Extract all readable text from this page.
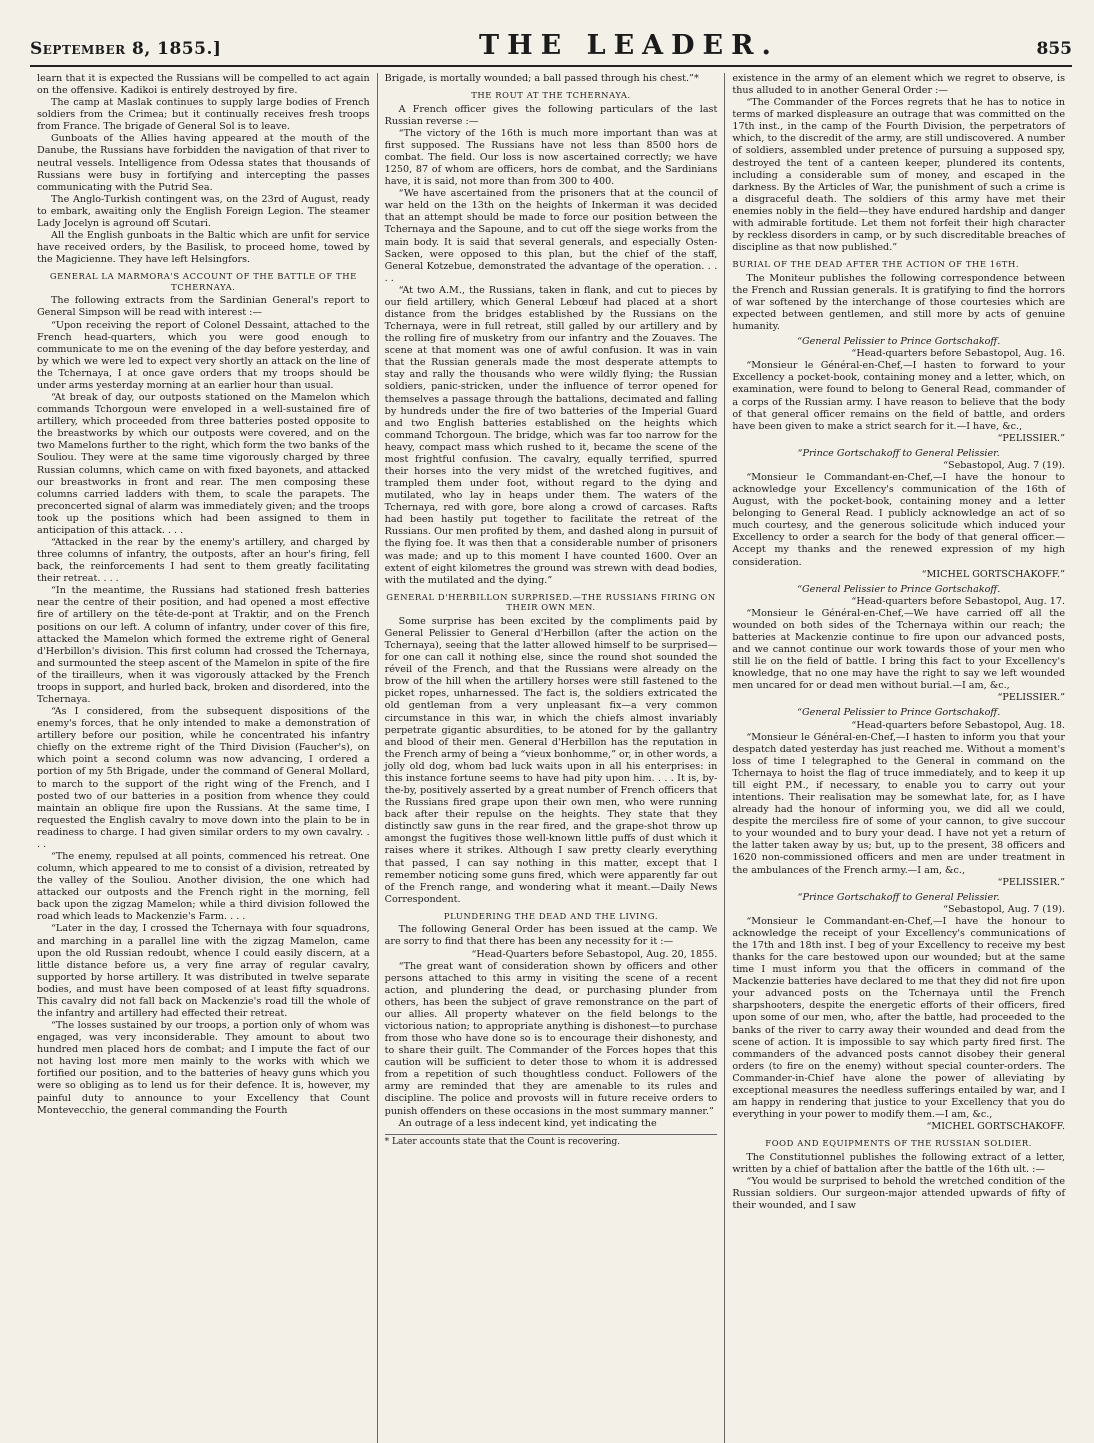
September 8, 1855.]	THE LEADER.	855

learn that it is expected the Russians will be compelled to act again on the offensive. Kadikoi is entirely destroyed by fire.

The camp at Maslak continues to supply large bodies of French soldiers from the Crimea; but it continually receives fresh troops from France. The brigade of General Sol is to leave.

Gunboats of the Allies having appeared at the mouth of the Danube, the Russians have forbidden the navigation of that river to neutral vessels. Intelligence from Odessa states that thousands of Russians were busy in fortifying and intercepting the passes communicating with the Putrid Sea.

The Anglo-Turkish contingent was, on the 23rd of August, ready to embark, awaiting only the English Foreign Legion. The steamer Lady Jocelyn is aground off Scutari.

All the English gunboats in the Baltic which are unfit for service have received orders, by the Basilisk, to proceed home, towed by the Magicienne. They have left Helsingfors.

GENERAL LA MARMORA'S ACCOUNT OF THE BATTLE OF THE TCHERNAYA.

The following extracts from the Sardinian General's report to General Simpson will be read with interest :—

“Upon receiving the report of Colonel Dessaint, attached to the French head-quarters, which you were good enough to communicate to me on the evening of the day before yesterday, and by which we were led to expect very shortly an attack on the line of the Tchernaya, I at once gave orders that my troops should be under arms yesterday morning at an earlier hour than usual.

“At break of day, our outposts stationed on the Mamelon which commands Tchorgoun were enveloped in a well-sustained fire of artillery, which proceeded from three batteries posted opposite to the breastworks by which our outposts were covered, and on the two Mamelons further to the right, which form the two banks of the Souliou. They were at the same time vigorously charged by three Russian columns, which came on with fixed bayonets, and attacked our breastworks in front and rear. The men composing these columns carried ladders with them, to scale the parapets. The preconcerted signal of alarm was immediately given; and the troops took up the positions which had been assigned to them in anticipation of this attack. . . .

“Attacked in the rear by the enemy's artillery, and charged by three columns of infantry, the outposts, after an hour's firing, fell back, the reinforcements I had sent to them greatly facilitating their retreat. . . .

“In the meantime, the Russians had stationed fresh batteries near the centre of their position, and had opened a most effective fire of artillery on the tête-de-pont at Traktir, and on the French positions on our left. A column of infantry, under cover of this fire, attacked the Mamelon which formed the extreme right of General d'Herbillon's division. This first column had crossed the Tchernaya, and surmounted the steep ascent of the Mamelon in spite of the fire of the tirailleurs, when it was vigorously attacked by the French troops in support, and hurled back, broken and disordered, into the Tchernaya.

“As I considered, from the subsequent dispositions of the enemy's forces, that he only intended to make a demonstration of artillery before our position, while he concentrated his infantry chiefly on the extreme right of the Third Division (Faucher's), on which point a second column was now advancing, I ordered a portion of my 5th Brigade, under the command of General Mollard, to march to the support of the right wing of the French, and I posted two of our batteries in a position from whence they could maintain an oblique fire upon the Russians. At the same time, I requested the English cavalry to move down into the plain to be in readiness to charge. I had given similar orders to my own cavalry. . . .

“The enemy, repulsed at all points, commenced his retreat. One column, which appeared to me to consist of a division, retreated by the valley of the Souliou. Another division, the one which had attacked our outposts and the French right in the morning, fell back upon the zigzag Mamelon; while a third division followed the road which leads to Mackenzie's Farm. . . .

“Later in the day, I crossed the Tchernaya with four squadrons, and marching in a parallel line with the zigzag Mamelon, came upon the old Russian redoubt, whence I could easily discern, at a little distance before us, a very fine array of regular cavalry, supported by horse artillery. It was distributed in twelve separate bodies, and must have been composed of at least fifty squadrons. This cavalry did not fall back on Mackenzie's road till the whole of the infantry and artillery had effected their retreat.

“The losses sustained by our troops, a portion only of whom was engaged, was very inconsiderable. They amount to about two hundred men placed hors de combat; and I impute the fact of our not having lost more men mainly to the works with which we fortified our position, and to the batteries of heavy guns which you were so obliging as to lend us for their defence. It is, however, my painful duty to announce to your Excellency that Count Montevecchio, the general commanding the Fourth

Brigade, is mortally wounded; a ball passed through his chest.”*

THE ROUT AT THE TCHERNAYA.

A French officer gives the following particulars of the last Russian reverse :—

“The victory of the 16th is much more important than was at first supposed. The Russians have not less than 8500 hors de combat. The field. Our loss is now ascertained correctly; we have 1250, 87 of whom are officers, hors de combat, and the Sardinians have, it is said, not more than from 300 to 400.

“We have ascertained from the prisoners that at the council of war held on the 13th on the heights of Inkerman it was decided that an attempt should be made to force our position between the Tchernaya and the Sapoune, and to cut off the siege works from the main body. It is said that several generals, and especially Osten-Sacken, were opposed to this plan, but the chief of the staff, General Kotzebue, demonstrated the advantage of the operation. . . . .

“At two A.M., the Russians, taken in flank, and cut to pieces by our field artillery, which General Lebœuf had placed at a short distance from the bridges established by the Russians on the Tchernaya, were in full retreat, still galled by our artillery and by the rolling fire of musketry from our infantry and the Zouaves. The scene at that moment was one of awful confusion. It was in vain that the Russian generals made the most desperate attempts to stay and rally the thousands who were wildly flying; the Russian soldiers, panic-stricken, under the influence of terror opened for themselves a passage through the battalions, decimated and falling by hundreds under the fire of two batteries of the Imperial Guard and two English batteries established on the heights which command Tchorgoun. The bridge, which was far too narrow for the heavy, compact mass which rushed to it, became the scene of the most frightful confusion. The cavalry, equally terrified, spurred their horses into the very midst of the wretched fugitives, and trampled them under foot, without regard to the dying and mutilated, who lay in heaps under them. The waters of the Tchernaya, red with gore, bore along a crowd of carcases. Rafts had been hastily put together to facilitate the retreat of the Russians. Our men profited by them, and dashed along in pursuit of the flying foe. It was then that a considerable number of prisoners was made; and up to this moment I have counted 1600. Over an extent of eight kilometres the ground was strewn with dead bodies, with the mutilated and the dying.”

GENERAL D'HERBILLON SURPRISED.—THE RUSSIANS FIRING ON THEIR OWN MEN.

Some surprise has been excited by the compliments paid by General Pelissier to General d'Herbillon (after the action on the Tchernaya), seeing that the latter allowed himself to be surprised—for one can call it nothing else, since the round shot sounded the réveil of the French, and that the Russians were already on the brow of the hill when the artillery horses were still fastened to the picket ropes, unharnessed. The fact is, the soldiers extricated the old gentleman from a very unpleasant fix—a very common circumstance in this war, in which the chiefs almost invariably perpetrate gigantic absurdities, to be atoned for by the gallantry and blood of their men. General d'Herbillon has the reputation in the French army of being a “vieux bonhomme,” or, in other words, a jolly old dog, whom bad luck waits upon in all his enterprises: in this instance fortune seems to have had pity upon him. . . . It is, by-the-by, positively asserted by a great number of French officers that the Russians fired grape upon their own men, who were running back after their repulse on the heights. They state that they distinctly saw guns in the rear fired, and the grape-shot throw up amongst the fugitives those well-known little puffs of dust which it raises where it strikes. Although I saw pretty clearly everything that passed, I can say nothing in this matter, except that I remember noticing some guns fired, which were apparently far out of the French range, and wondering what it meant.—Daily News Correspondent.

PLUNDERING THE DEAD AND THE LIVING.

The following General Order has been issued at the camp. We are sorry to find that there has been any necessity for it :—

“Head-Quarters before Sebastopol, Aug. 20, 1855.

“The great want of consideration shown by officers and other persons attached to this army in visiting the scene of a recent action, and plundering the dead, or purchasing plunder from others, has been the subject of grave remonstrance on the part of our allies. All property whatever on the field belongs to the victorious nation; to appropriate anything is dishonest—to purchase from those who have done so is to encourage their dishonesty, and to share their guilt. The Commander of the Forces hopes that this caution will be sufficient to deter those to whom it is addressed from a repetition of such thoughtless conduct. Followers of the army are reminded that they are amenable to its rules and discipline. The police and provosts will in future receive orders to punish offenders on these occasions in the most summary manner.”

An outrage of a less indecent kind, yet indicating the

* Later accounts state that the Count is recovering.

existence in the army of an element which we regret to observe, is thus alluded to in another General Order :—

“The Commander of the Forces regrets that he has to notice in terms of marked displeasure an outrage that was committed on the 17th inst., in the camp of the Fourth Division, the perpetrators of which, to the discredit of the army, are still undiscovered. A number of soldiers, assembled under pretence of pursuing a supposed spy, destroyed the tent of a canteen keeper, plundered its contents, including a considerable sum of money, and escaped in the darkness. By the Articles of War, the punishment of such a crime is a disgraceful death. The soldiers of this army have met their enemies nobly in the field—they have endured hardship and danger with admirable fortitude. Let them not forfeit their high character by reckless disorders in camp, or by such discreditable breaches of discipline as that now published.”

BURIAL OF THE DEAD AFTER THE ACTION OF THE 16TH.

The Moniteur publishes the following correspondence between the French and Russian generals. It is gratifying to find the horrors of war softened by the interchange of those courtesies which are expected between gentlemen, and still more by acts of genuine humanity.

“General Pelissier to Prince Gortschakoff.

“Head-quarters before Sebastopol, Aug. 16.

“Monsieur le Général-en-Chef,—I hasten to forward to your Excellency a pocket-book, containing money and a letter, which, on examination, were found to belong to General Read, commander of a corps of the Russian army. I have reason to believe that the body of that general officer remains on the field of battle, and orders have been given to make a strict search for it.—I have, &c.,

“PELISSIER.”

“Prince Gortschakoff to General Pelissier.

“Sebastopol, Aug. 7 (19).

“Monsieur le Commandant-en-Chef,—I have the honour to acknowledge your Excellency's communication of the 16th of August, with the pocket-book, containing money and a letter belonging to General Read. I publicly acknowledge an act of so much courtesy, and the generous solicitude which induced your Excellency to order a search for the body of that general officer.—Accept my thanks and the renewed expression of my high consideration.

“MICHEL GORTSCHAKOFF.”

“General Pelissier to Prince Gortschakoff.

“Head-quarters before Sebastopol, Aug. 17.

“Monsieur le Général-en-Chef,—We have carried off all the wounded on both sides of the Tchernaya within our reach; the batteries at Mackenzie continue to fire upon our advanced posts, and we cannot continue our work towards those of your men who still lie on the field of battle. I bring this fact to your Excellency's knowledge, that no one may have the right to say we left wounded men uncared for or dead men without burial.—I am, &c.,

“PELISSIER.”

“General Pelissier to Prince Gortschakoff.

“Head-quarters before Sebastopol, Aug. 18.

“Monsieur le Général-en-Chef,—I hasten to inform you that your despatch dated yesterday has just reached me. Without a moment's loss of time I telegraphed to the General in command on the Tchernaya to hoist the flag of truce immediately, and to keep it up till eight P.M., if necessary, to enable you to carry out your intentions. Their realisation may be somewhat late, for, as I have already had the honour of informing you, we did all we could, despite the merciless fire of some of your cannon, to give succour to your wounded and to bury your dead. I have not yet a return of the latter taken away by us; but, up to the present, 38 officers and 1620 non-commissioned officers and men are under treatment in the ambulances of the French army.—I am, &c.,

“PELISSIER.”

“Prince Gortschakoff to General Pelissier.

“Sebastopol, Aug. 7 (19).

“Monsieur le Commandant-en-Chef,—I have the honour to acknowledge the receipt of your Excellency's communications of the 17th and 18th inst. I beg of your Excellency to receive my best thanks for the care bestowed upon our wounded; but at the same time I must inform you that the officers in command of the Mackenzie batteries have declared to me that they did not fire upon your advanced posts on the Tchernaya until the French sharpshooters, despite the energetic efforts of their officers, fired upon some of our men, who, after the battle, had proceeded to the banks of the river to carry away their wounded and dead from the scene of action. It is impossible to say which party fired first. The commanders of the advanced posts cannot disobey their general orders (to fire on the enemy) without special counter-orders. The Commander-in-Chief have alone the power of alleviating by exceptional measures the needless sufferings entailed by war, and I am happy in rendering that justice to your Excellency that you do everything in your power to modify them.—I am, &c.,

“MICHEL GORTSCHAKOFF.

FOOD AND EQUIPMENTS OF THE RUSSIAN SOLDIER.

The Constitutionnel publishes the following extract of a letter, written by a chief of battalion after the battle of the 16th ult. :—

“You would be surprised to behold the wretched condition of the Russian soldiers. Our surgeon-major attended upwards of fifty of their wounded, and I saw
